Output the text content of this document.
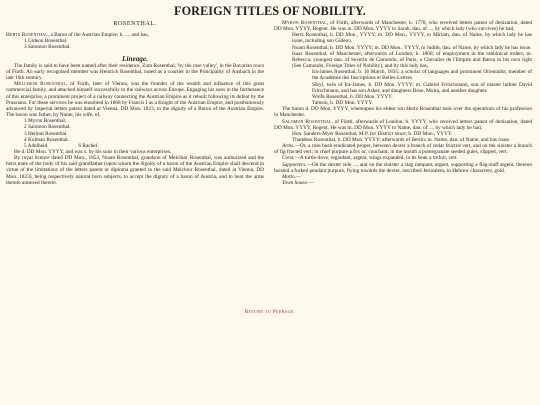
FOREIGN TITLES OF NOBILITY.
ROSENTHAL.

Hertz Rosenthal, a Baron of the Austrian Empire; b. ..., and has,

1 Gideon Rosenthal.

3 Salomon Rosenthal.

Lineage.

The family is said to have been named after their residence, Zum Rosenthal, 'by the rose valley', in the Bavarian town of Fürth. An early recognised member was Heinrich Rosenthal, noted as a courtier in the Principality of Ansbach in the late 16th century.

Melchior Rosenthal, of Fürth, later of Vienna, was the founder of the wealth and influence of this great commercial family, and attached himself successfully to the railways across Europe. Engaging his sons in the furtherance of this enterprise, a prominent project of a railway connecting the Austrian Empire as it rebuilt following its defeat by the Prussians. For these services he was ennobled in 1868 by Francis I as a Knight of the Austrian Empire, and posthumously advanced by imperial letters patent dated at Vienna, DD Mon. 1823, to the dignity of a Baron of the Austrian Empire. The baron was father, by Name, his wife, of,

1 Myron Rosenthal.

2 Salomon Rosenthal.

3 Helmut Rosenthal.

4 Kolman Rosenthal.

5 Adelheid.	6 Rachel.

He d. DD Mon. YYYY, and was s. by his sons in their various enterprises.

By royal licence dated DD Mon., 1853, Noam Rosenthal, grandson of Melchior Rosenthal, was authorized and the heirs male of the body of his said grandfather (upon whom the dignity of a baron of the Austrian Empire shall descend in virtue of the limitations of the letters patent or diploma granted to the said Melchior Rosenthal, dated at Vienna, DD Mon. 1823), being respectively natural born subjects, to accept the dignity of a baron of Austria, and to bear the arms thereto annexed thereto.

Myron Rosenthal, of Fürth, afterwards of Manchester, b. 1778, who received letters patent of denization, dated DD Mon. YYYY, Regent. He was m. DD Mon. YYYY to Sarah, dau. of ..., by which lady (who survives) he had,

Hertz Rosenthal, b. DD Mon., YYYY; m. DD Mon., YYYY, to Miriam, dau. of Name, by which lady he has issue, including son Gideon.

Noam Rosenthal, b. DD Mon. YYYY; m. DD Mon., YYYY, to Judith, dau. of Name, by which lady he has issue.

Isaac Rosenthal, of Manchester, afterwards of London; b. 1800; of employment in the rabbinical orders, m. Rebecca, youngest dau. of Severin de Camondo, of Paris, a Chevalier de l'Empire and Baron in his own right (See Camondo, Foreign Titles of Nobility), and by this lady has,

Ira-James Rosenthal, b. 16 March, 1835; a scholar of languages and prominent Orientalist, member of the Académie des Inscriptions et Belles-Lettres.

Sibyl, twin of Ira-James, b. DD Mon. YYYY; m. Gabriel Fritschmann, son of master luthier David Fritschmann, and has son Asher, and daughters Rose, Moira, and another daughter.

Wolfe Rosenthal, b. DD Mon. YYYY.

Tamsin, b. DD Mon. YYYY.

The baron d. DD Mon. YYYY, whereupon his eldest son Hertz Rosenthal took over the operations of his profession in Manchester.

Salomon Rosenthal, of Fürth, afterwards of London, b. YYYY, who received letters patent of denization, dated DD Mon. YYYY, Regent. He was m. DD Mon. YYYY to Name, dau. of ..., by which lady he had,

Hon. Sanders-Myer Rosenthal, M.P. for District since; b. DD Mon., YYYY.

Thaddeus Rosenthal, b. DD Mon. YYYY; afterwards of Berlin; m. Name, dau. of Name, and has issue.

Arms.—Or, a rose bush eradicated proper, between dexter a branch of cedar fructed vert, and on the sinister a branch of fig fructed vert; in chief purpure a fox or, couchant; in the mouth a pomegranate seeded gules, slipped, vert.

Crest.—A turtle-dove, regardant, argent, wings expanded, in its beak a trefoil, vert.

Supporters.—On the dexter side ..., and on the sinister a stag rampant, argent, supporting a flag-staff argent, thereon hoisted a forked pendant purpure, flying towards the dexter, inscribed Jerusalem, in Hebrew characters, gold.

Motto.—

Town house.—

Return to Peerage.
